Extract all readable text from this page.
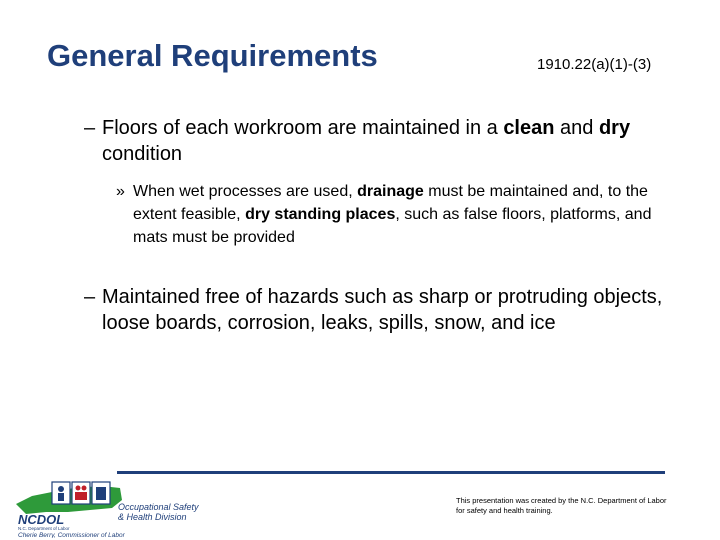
General Requirements	1910.22(a)(1)-(3)
– Floors of each workroom are maintained in a clean and dry condition
» When wet processes are used, drainage must be maintained and, to the extent feasible, dry standing places, such as false floors, platforms, and mats must be provided
– Maintained free of hazards such as sharp or protruding objects, loose boards, corrosion, leaks, spills, snow, and ice
NCDOL
N.C. Department of Labor
Cherie Berry, Commissioner of Labor
Occupational Safety
& Health Division
This presentation was created by the N.C. Department of Labor for safety and health training.
